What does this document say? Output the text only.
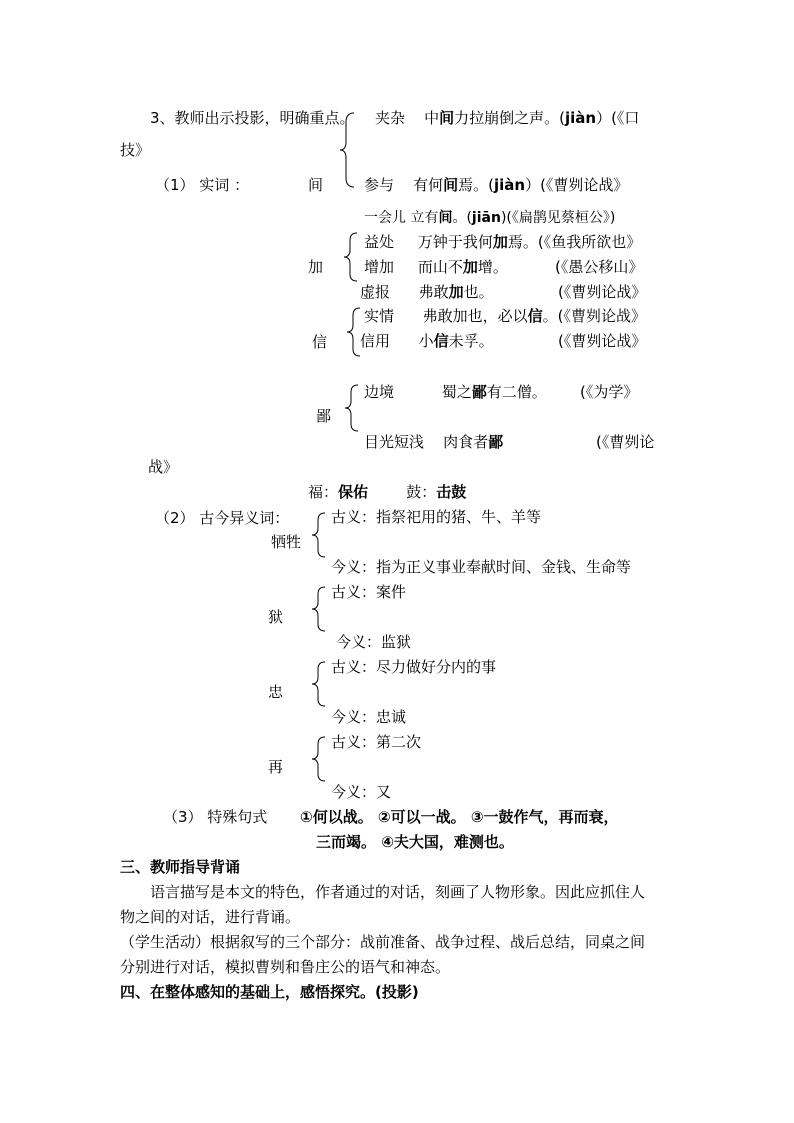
3、教师出示投影，明确重点。 夹杂 中间力拉崩倒之声。(jiàn）(《口
技》
（1） 实词 ：	间	参与 有何间焉。(jiàn）(《曹刿论战》
一会儿 立有间。(jiān)(《扁鹊见蔡桓公》)
加
益处 万钟于我何加焉。(《鱼我所欲也》
增加 而山不加增。	(《愚公移山》
虚报 弗敢加也。	(《曹刿论战》
信
实情 弗敢加也，必以信。(《曹刿论战》
信用 小信未孚。	(《曹刿论战》
鄙
边境	蜀之鄙有二僧。 (《为学》
目光短浅 肉食者鄙	(《曹刿论
战》
福：保佑	鼓：击鼓
（2） 古今异义词：
牺牲
古义：指祭祀用的猪、牛、羊等
今义：指为正义事业奉献时间、金钱、生命等
狱
古义：案件
今义：监狱
忠
古义：尽力做好分内的事
今义：忠诚
再
古义：第二次
今义：又
（3） 特殊句式 ①何以战。 ②可以一战。 ③一鼓作气，再而衰，
三而竭。 ④夫大国，难测也。
三、教师指导背诵
语言描写是本文的特色，作者通过的对话，刻画了人物形象。因此应抓住人
物之间的对话，进行背诵。
（学生活动）根据叙写的三个部分：战前准备、战争过程、战后总结，同桌之间
分别进行对话，模拟曹刿和鲁庄公的语气和神态。
四、在整体感知的基础上，感悟探究。(投影)
